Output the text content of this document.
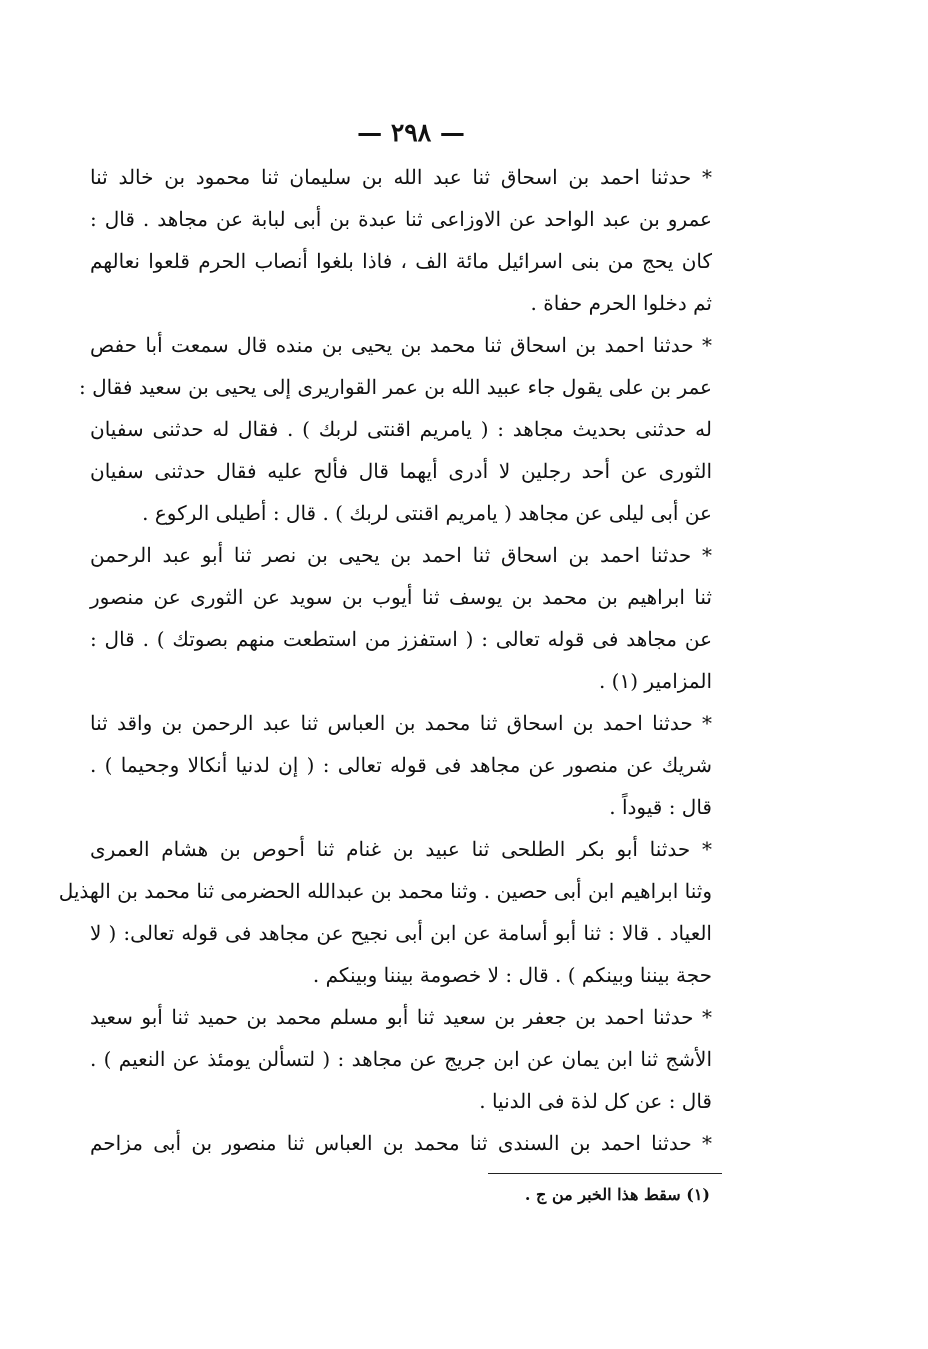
— ٢٩٨ —
* حدثنا احمد بن اسحاق ثنا عبد الله بن سليمان ثنا محمود بن خالد ثنا
عمرو بن عبد الواحد عن الاوزاعى ثنا عبدة بن أبى لبابة عن مجاهد . قال :
كان يحج من بنى اسرائيل مائة الف ، فاذا بلغوا أنصاب الحرم قلعوا نعالهم
ثم دخلوا الحرم حفاة .
* حدثنا احمد بن اسحاق ثنا محمد بن يحيى بن منده قال سمعت أبا حفص
عمر بن على يقول جاء عبيد الله بن عمر القواريرى إلى يحيى بن سعيد فقال :
له حدثنى بحديث مجاهد : ( يامريم اقنتى لربك ) . فقال له حدثنى سفيان
الثورى عن أحد رجلين لا أدرى أيهما قال فألح عليه فقال حدثنى سفيان
عن أبى ليلى عن مجاهد ( يامريم اقنتى لربك ) . قال : أطيلى الركوع .
* حدثنا احمد بن اسحاق ثنا احمد بن يحيى بن نصر ثنا أبو عبد الرحمن
ثنا ابراهيم بن محمد بن يوسف ثنا أيوب بن سويد عن الثورى عن منصور
عن مجاهد فى قوله تعالى : ( استفزز من استطعت منهم بصوتك ) . قال :
المزامير (١) .
* حدثنا احمد بن اسحاق ثنا محمد بن العباس ثنا عبد الرحمن بن واقد ثنا
شريك عن منصور عن مجاهد فى قوله تعالى : ( إن لدنيا أنكالا وجحيما ) .
قال : قيوداً .
* حدثنا أبو بكر الطلحى ثنا عبيد بن غنام ثنا أحوص بن هشام العمرى
وثنا ابراهيم ابن أبى حصين . وثنا محمد بن عبدالله الحضرمى ثنا محمد بن الهذيل
العياد . قالا : ثنا أبو أسامة عن ابن أبى نجيح عن مجاهد فى قوله تعالى: ( لا
حجة بيننا وبينكم ) . قال : لا خصومة بيننا وبينكم .
* حدثنا احمد بن جعفر بن سعيد ثنا أبو مسلم محمد بن حميد ثنا أبو سعيد
الأشج ثنا ابن يمان عن ابن جريج عن مجاهد : ( لتسألن يومئذ عن النعيم ) .
قال : عن كل لذة فى الدنيا .
* حدثنا احمد بن السندى ثنا محمد بن العباس ثنا منصور بن أبى مزاحم
(١) سقط هذا الخبر من ج .
